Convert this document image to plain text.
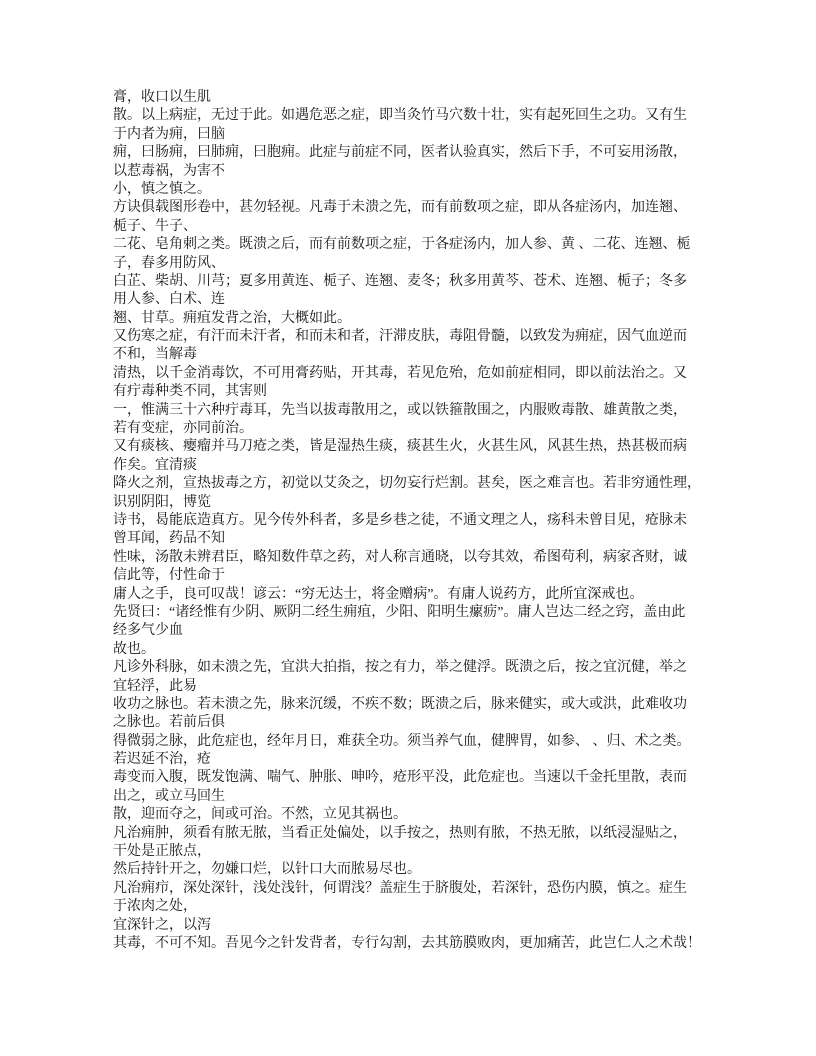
膏，收口以生肌
散。以上病症，无过于此。如遇危恶之症，即当灸竹马穴数十壮，实有起死回生之功。又有生
于内者为痈，曰脑
痈，曰肠痈，曰肺痈，曰胞痈。此症与前症不同，医者认验真实，然后下手，不可妄用汤散，
以惹毒祸，为害不
小，慎之慎之。
方诀俱载图形卷中，甚勿轻视。凡毒于未溃之先，而有前数项之症，即从各症汤内，加连翘、
栀子、牛子、
二花、皂角刺之类。既溃之后，而有前数项之症，于各症汤内，加人参、黄 、二花、连翘、栀
子，春多用防风、
白芷、柴胡、川芎；夏多用黄连、栀子、连翘、麦冬；秋多用黄芩、苍术、连翘、栀子；冬多
用人参、白术、连
翘、甘草。痈疽发背之治，大概如此。
又伤寒之症，有汗而未汗者，和而未和者，汗滞皮肤，毒阻骨髓，以致发为痈症，因气血逆而
不和，当解毒
清热，以千金消毒饮，不可用膏药贴，开其毒，若见危殆，危如前症相同，即以前法治之。又
有疔毒种类不同，其害则
一，惟满三十六种疔毒耳，先当以拔毒散用之，或以铁箍散围之，内服败毒散、雄黄散之类，
若有变症，亦同前治。
又有痰核、瘿瘤并马刀疮之类，皆是湿热生痰，痰甚生火，火甚生风，风甚生热，热甚极而病
作矣。宜清痰
降火之剂，宣热拔毒之方，初觉以艾灸之，切勿妄行烂割。甚矣，医之难言也。若非穷通性理，
识别阴阳，博览
诗书，曷能底造真方。见今传外科者，多是乡巷之徒，不通文理之人，疡科未曾目见，疮脉未
曾耳闻，药品不知
性味，汤散未辨君臣，略知数件草之药，对人称言通晓，以夸其效，希图苟利，病家吝财，诚
信此等，付性命于
庸人之手，良可叹哉！谚云：“穷无达士，将金赠病”。有庸人说药方，此所宜深戒也。
先贤曰：“诸经惟有少阴、厥阴二经生痈疽，少阳、阳明生瘰疬”。庸人岂达二经之窍，盖由此
经多气少血
故也。
凡诊外科脉，如未溃之先，宜洪大拍指，按之有力，举之健浮。既溃之后，按之宜沉健，举之
宜轻浮，此易
收功之脉也。若未溃之先，脉来沉缓，不疾不数；既溃之后，脉来健实，或大或洪，此难收功
之脉也。若前后俱
得微弱之脉，此危症也，经年月日，难获全功。须当养气血，健脾胃，如参、 、归、术之类。
若迟延不治，疮
毒变而入腹，既发饱满、喘气、肿胀、呻吟，疮形平没，此危症也。当速以千金托里散，表而
出之，或立马回生
散，迎而夺之，间或可治。不然，立见其祸也。
凡治痈肿，须看有脓无脓，当看正处偏处，以手按之，热则有脓，不热无脓，以纸浸湿贴之，
干处是正脓点，
然后持针开之，勿嫌口烂，以针口大而脓易尽也。
凡治痈疖，深处深针，浅处浅针，何谓浅？盖症生于脐腹处，若深针，恐伤内膜，慎之。症生
于浓肉之处，
宜深针之，以泻
其毒，不可不知。吾见今之针发背者，专行勾割，去其筋膜败肉，更加痛苦，此岂仁人之术哉！
